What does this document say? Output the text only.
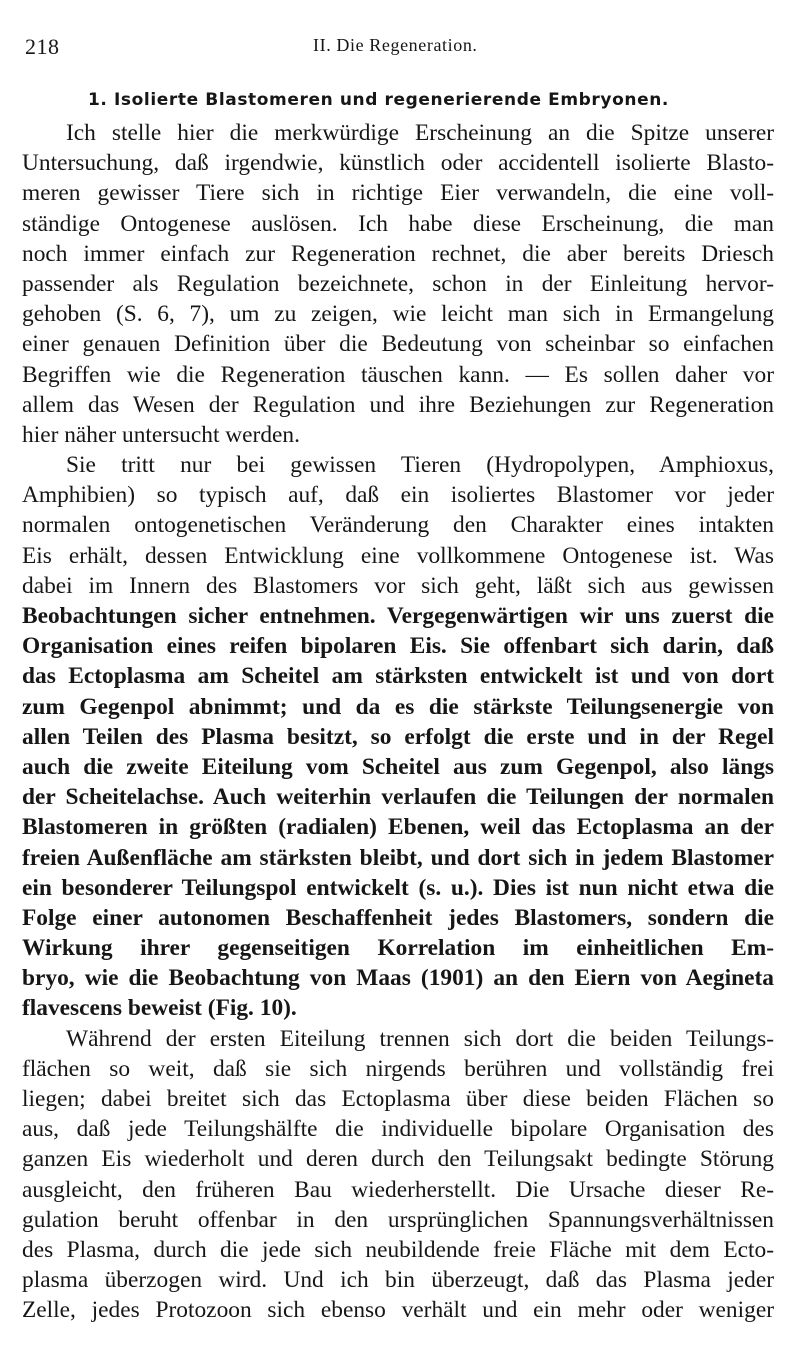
218	II. Die Regeneration.
1. Isolierte Blastomeren und regenerierende Embryonen.
Ich stelle hier die merkwürdige Erscheinung an die Spitze unserer
Untersuchung, daß irgendwie, künstlich oder accidentell isolierte Blasto-
meren gewisser Tiere sich in richtige Eier verwandeln, die eine voll-
ständige Ontogenese auslösen. Ich habe diese Erscheinung, die man
noch immer einfach zur Regeneration rechnet, die aber bereits Driesch
passender als Regulation bezeichnete, schon in der Einleitung hervor-
gehoben (S. 6, 7), um zu zeigen, wie leicht man sich in Ermangelung
einer genauen Definition über die Bedeutung von scheinbar so einfachen
Begriffen wie die Regeneration täuschen kann. — Es sollen daher vor
allem das Wesen der Regulation und ihre Beziehungen zur Regeneration
hier näher untersucht werden.
Sie tritt nur bei gewissen Tieren (Hydropolypen, Amphioxus,
Amphibien) so typisch auf, daß ein isoliertes Blastomer vor jeder
normalen ontogenetischen Veränderung den Charakter eines intakten
Eis erhält, dessen Entwicklung eine vollkommene Ontogenese ist. Was
dabei im Innern des Blastomers vor sich geht, läßt sich aus gewissen
Beobachtungen sicher entnehmen. Vergegenwärtigen wir uns zuerst die
Organisation eines reifen bipolaren Eis. Sie offenbart sich darin, daß
das Ectoplasma am Scheitel am stärksten entwickelt ist und von dort
zum Gegenpol abnimmt; und da es die stärkste Teilungsenergie von
allen Teilen des Plasma besitzt, so erfolgt die erste und in der Regel
auch die zweite Eiteilung vom Scheitel aus zum Gegenpol, also längs
der Scheitelachse. Auch weiterhin verlaufen die Teilungen der normalen
Blastomeren in größten (radialen) Ebenen, weil das Ectoplasma an der
freien Außenfläche am stärksten bleibt, und dort sich in jedem Blastomer
ein besonderer Teilungspol entwickelt (s. u.). Dies ist nun nicht etwa die
Folge einer autonomen Beschaffenheit jedes Blastomers, sondern die
Wirkung ihrer gegenseitigen Korrelation im einheitlichen Em-
bryo, wie die Beobachtung von Maas (1901) an den Eiern von Aegineta
flavescens beweist (Fig. 10).
Während der ersten Eiteilung trennen sich dort die beiden Teilungs-
flächen so weit, daß sie sich nirgends berühren und vollständig frei
liegen; dabei breitet sich das Ectoplasma über diese beiden Flächen so
aus, daß jede Teilungshälfte die individuelle bipolare Organisation des
ganzen Eis wiederholt und deren durch den Teilungsakt bedingte Störung
ausgleicht, den früheren Bau wiederherstellt. Die Ursache dieser Re-
gulation beruht offenbar in den ursprünglichen Spannungsverhältnissen
des Plasma, durch die jede sich neubildende freie Fläche mit dem Ecto-
plasma überzogen wird. Und ich bin überzeugt, daß das Plasma jeder
Zelle, jedes Protozoon sich ebenso verhält und ein mehr oder weniger
